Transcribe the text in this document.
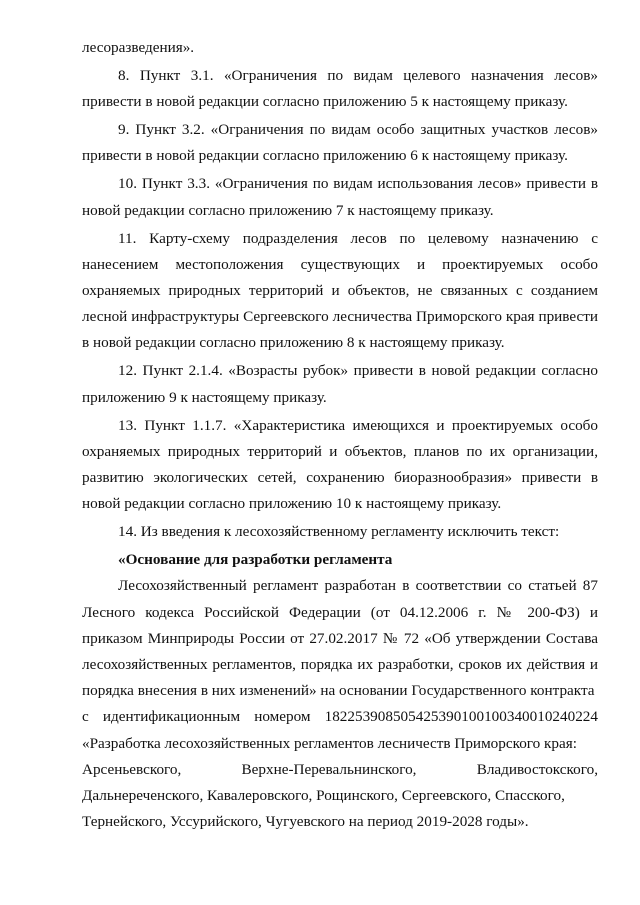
лесоразведения».

8. Пункт 3.1. «Ограничения по видам целевого назначения лесов» привести в новой редакции согласно приложению 5 к настоящему приказу.

9. Пункт 3.2. «Ограничения по видам особо защитных участков лесов» привести в новой редакции согласно приложению 6 к настоящему приказу.

10. Пункт 3.3. «Ограничения по видам использования лесов» привести в новой редакции согласно приложению 7 к настоящему приказу.

11. Карту-схему подразделения лесов по целевому назначению с нанесением местоположения существующих и проектируемых особо охраняемых природных территорий и объектов, не связанных с созданием лесной инфраструктуры Сергеевского лесничества Приморского края привести в новой редакции согласно приложению 8 к настоящему приказу.

12. Пункт 2.1.4. «Возрасты рубок» привести в новой редакции согласно приложению 9 к настоящему приказу.

13. Пункт 1.1.7. «Характеристика имеющихся и проектируемых особо охраняемых природных территорий и объектов, планов по их организации, развитию экологических сетей, сохранению биоразнообразия» привести в новой редакции согласно приложению 10 к настоящему приказу.

14. Из введения к лесохозяйственному регламенту исключить текст:

«Основание для разработки регламента

Лесохозяйственный регламент разработан в соответствии со статьей 87 Лесного кодекса Российской Федерации (от 04.12.2006 г. № 200-ФЗ) и приказом Минприроды России от 27.02.2017 № 72 «Об утверждении Состава лесохозяйственных регламентов, порядка их разработки, сроков их действия и порядка внесения в них изменений» на основании Государственного контракта

с идентификационным номером 1822539085054253901001003400102402​24

«Разработка лесохозяйственных регламентов лесничеств Приморского края:

Арсеньевского,	Верхне-Перевальнинского,	Владивостокского,

Дальнереченского, Кавалеровского, Рощинского, Сергеевского, Спасского,

Тернейского, Уссурийского, Чугуевского на период 2019-2028 годы».
